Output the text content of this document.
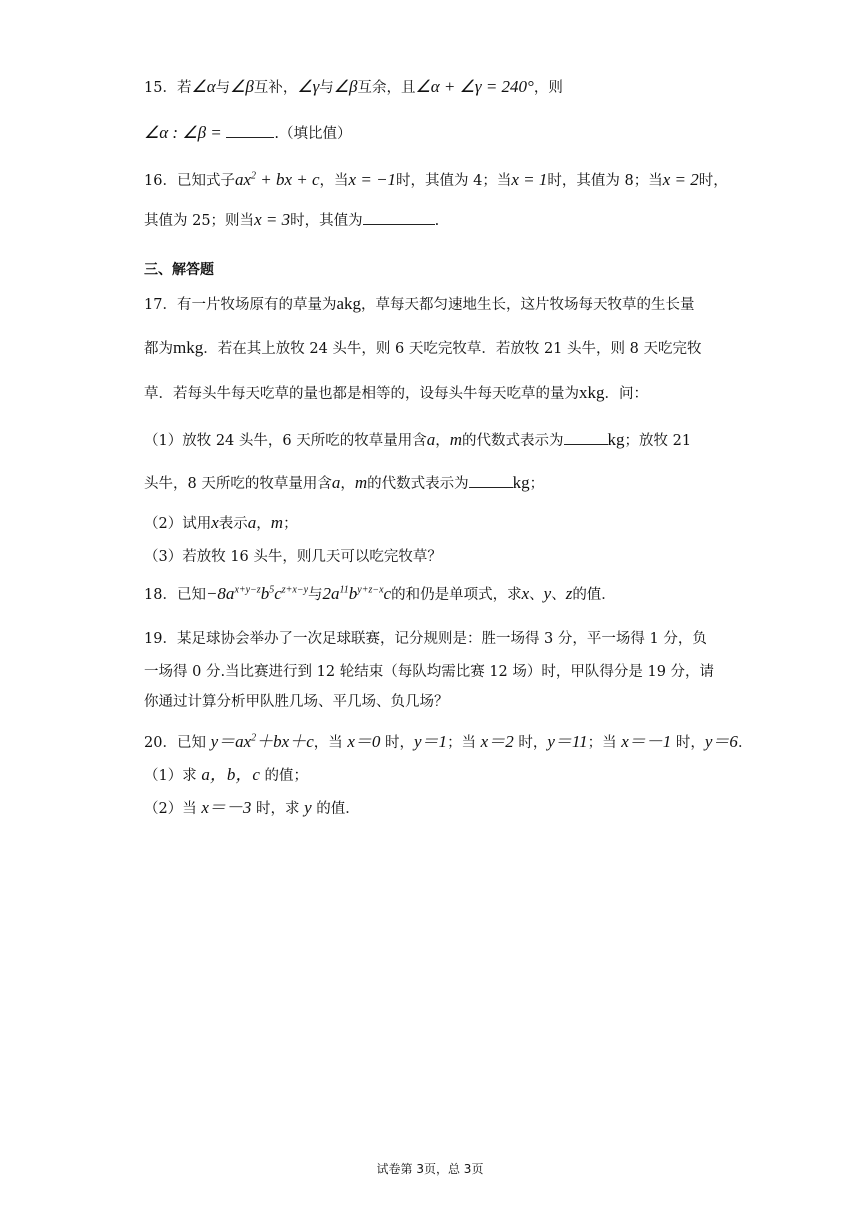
15．若∠α与∠β互补，∠γ与∠β互余，且∠α + ∠γ = 240°，则
∠α : ∠β =	.（填比值）
16．已知式子$ax^2$ + bx + c，当x = −1时，其值为 4；当x = 1时，其值为 8；当x = 2时，
其值为 25；则当x = 3时，其值为	.
三、解答题
17．有一片牧场原有的草量为akg，草每天都匀速地生长，这片牧场每天牧草的生长量
都为mkg．若在其上放牧 24 头牛，则 6 天吃完牧草．若放牧 21 头牛，则 8 天吃完牧
草．若每头牛每天吃草的量也都是相等的，设每头牛每天吃草的量为xkg．问：
（1）放牧 24 头牛，6 天所吃的牧草量用含a，m的代数式表示为	kg；放牧 21
头牛，8 天所吃的牧草量用含a，m的代数式表示为	kg；
（2）试用x表示a，m；
（3）若放牧 16 头牛，则几天可以吃完牧草？
18．已知$-8a^{x+y-z}b^5c^{z+x-y}$与$2a^{11}b^{y+z-x}c$的和仍是单项式，求x、y、z的值．
19．某足球协会举办了一次足球联赛，记分规则是：胜一场得 3 分，平一场得 1 分，负
一场得 0 分.当比赛进行到 12 轮结束（每队均需比赛 12 场）时，甲队得分是 19 分，请
你通过计算分析甲队胜几场、平几场、负几场？
20．已知 $y=ax^2+bx+c$，当 x＝0 时，y＝1；当 x＝2 时，y＝11；当 x＝－1 时，y＝6．
（1）求 a，b，c 的值；
（2）当 x＝－3 时，求 y 的值．
试卷第 3页，总 3页
